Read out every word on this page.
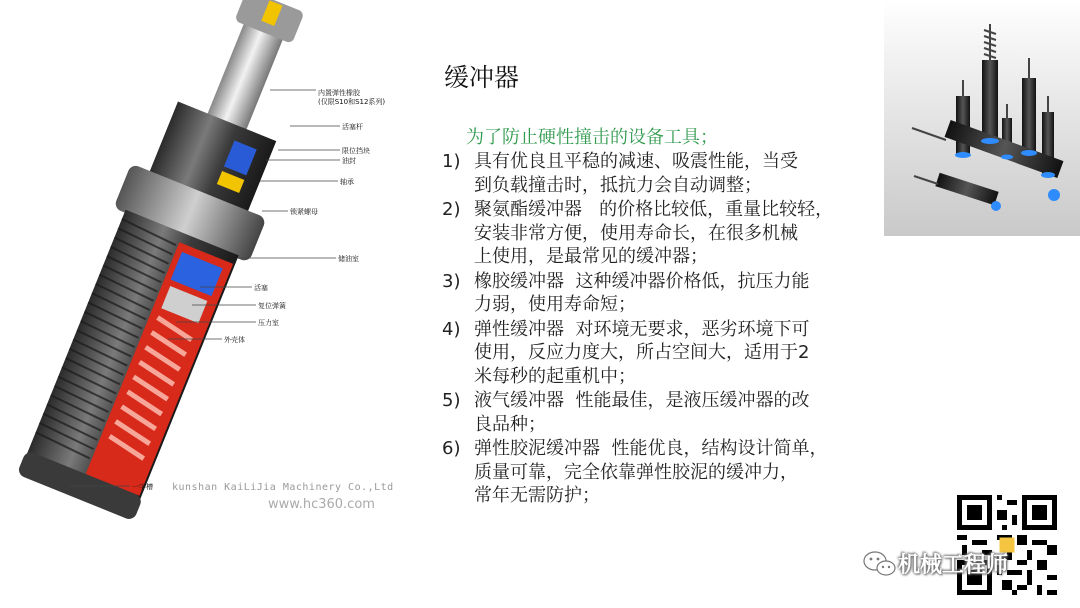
内置弹性橡胶
(仅限S10和S12系列)
活塞杆
限位挡块
油封
轴承
锁紧螺母
储油室
活塞
复位弹簧
压力室
外壳体
一字槽 kunshan KaiLiJia Machinery Co.,Ltd
www.hc360.com
缓冲器
为了防止硬性撞击的设备工具；
1) 具有优良且平稳的减速、吸震性能，当受
到负载撞击时，抵抗力会自动调整；
2) 聚氨酯缓冲器   的价格比较低，重量比较轻，
安装非常方便，使用寿命长，在很多机械
上使用，是最常见的缓冲器；
3) 橡胶缓冲器  这种缓冲器价格低，抗压力能
力弱，使用寿命短；
4) 弹性缓冲器  对环境无要求，恶劣环境下可
使用，反应力度大，所占空间大，适用于2
米每秒的起重机中；
5) 液气缓冲器  性能最佳，是液压缓冲器的改
良品种；
6) 弹性胶泥缓冲器  性能优良，结构设计简单，
质量可靠，完全依靠弹性胶泥的缓冲力，
常年无需防护；
机械工程师
